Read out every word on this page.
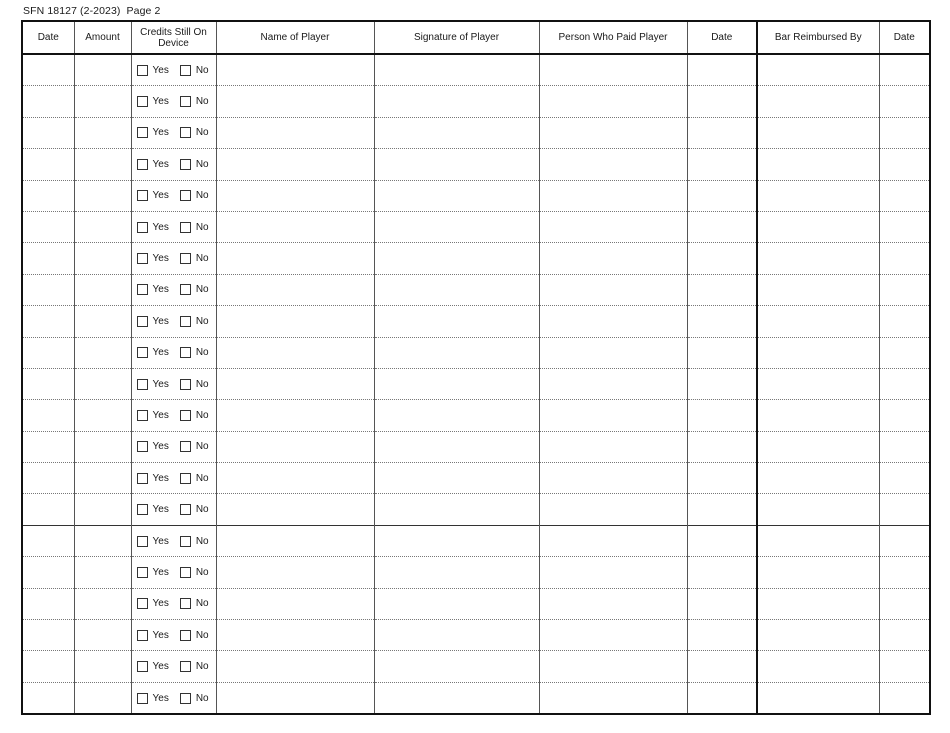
SFN 18127 (2-2023)  Page 2
Date	Amount	Credits Still On Device	Name of Player	Signature of Player	Person Who Paid Player	Date	Bar Reimbursed By	Date

		Yes No						

		Yes No						

		Yes No						

		Yes No						

		Yes No						

		Yes No						

		Yes No						

		Yes No						

		Yes No						

		Yes No						

		Yes No						

		Yes No						

		Yes No						

		Yes No						

		Yes No						

		Yes No						

		Yes No						

		Yes No						

		Yes No						

		Yes No						

		Yes No						
